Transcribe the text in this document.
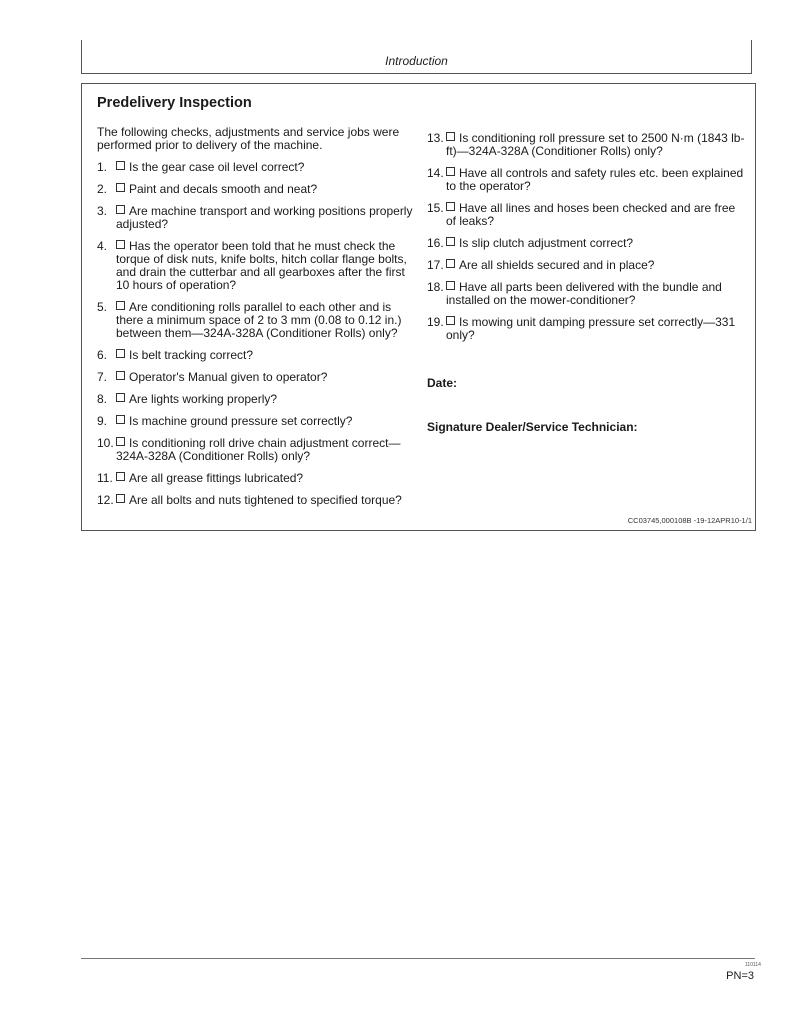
Introduction
Predelivery Inspection
The following checks, adjustments and service jobs were performed prior to delivery of the machine.
1.	Is the gear case oil level correct?
2.	Paint and decals smooth and neat?
3.	Are machine transport and working positions properly adjusted?
4.	Has the operator been told that he must check the torque of disk nuts, knife bolts, hitch collar flange bolts, and drain the cutterbar and all gearboxes after the first 10 hours of operation?
5.	Are conditioning rolls parallel to each other and is there a minimum space of 2 to 3 mm (0.08 to 0.12 in.) between them—324A-328A (Conditioner Rolls) only?
6.	Is belt tracking correct?
7.	Operator's Manual given to operator?
8.	Are lights working properly?
9.	Is machine ground pressure set correctly?
10.	Is conditioning roll drive chain adjustment correct—324A-328A (Conditioner Rolls) only?
11.	Are all grease fittings lubricated?
12.	Are all bolts and nuts tightened to specified torque?
13.	Is conditioning roll pressure set to 2500 N·m (1843 lb-ft)—324A-328A (Conditioner Rolls) only?
14.	Have all controls and safety rules etc. been explained to the operator?
15.	Have all lines and hoses been checked and are free of leaks?
16.	Is slip clutch adjustment correct?
17.	Are all shields secured and in place?
18.	Have all parts been delivered with the bundle and installed on the mower-conditioner?
19.	Is mowing unit damping pressure set correctly—331 only?
Date:
Signature Dealer/Service Technician:
CC03745,000108B -19-12APR10-1/1
110114
PN=3
